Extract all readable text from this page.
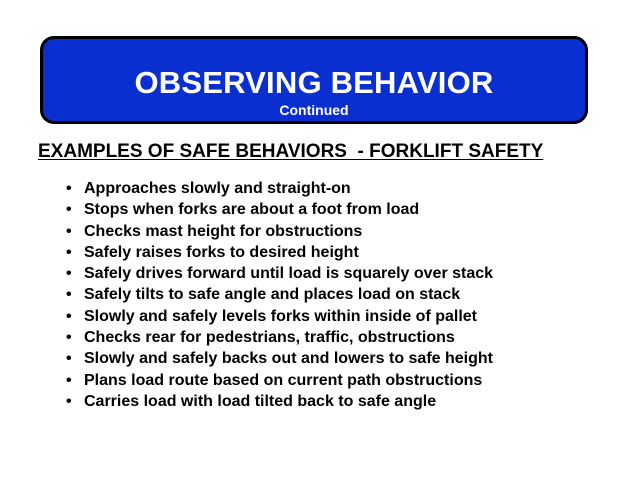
OBSERVING BEHAVIOR
Continued
EXAMPLES OF SAFE BEHAVIORS  - FORKLIFT SAFETY
• Approaches slowly and straight-on
• Stops when forks are about a foot from load
• Checks mast height for obstructions
• Safely raises forks to desired height
• Safely drives forward until load is squarely over stack
• Safely tilts to safe angle and places load on stack
• Slowly and safely levels forks within inside of pallet
• Checks rear for pedestrians, traffic, obstructions
• Slowly and safely backs out and lowers to safe height
• Plans load route based on current path obstructions
• Carries load with load tilted back to safe angle
